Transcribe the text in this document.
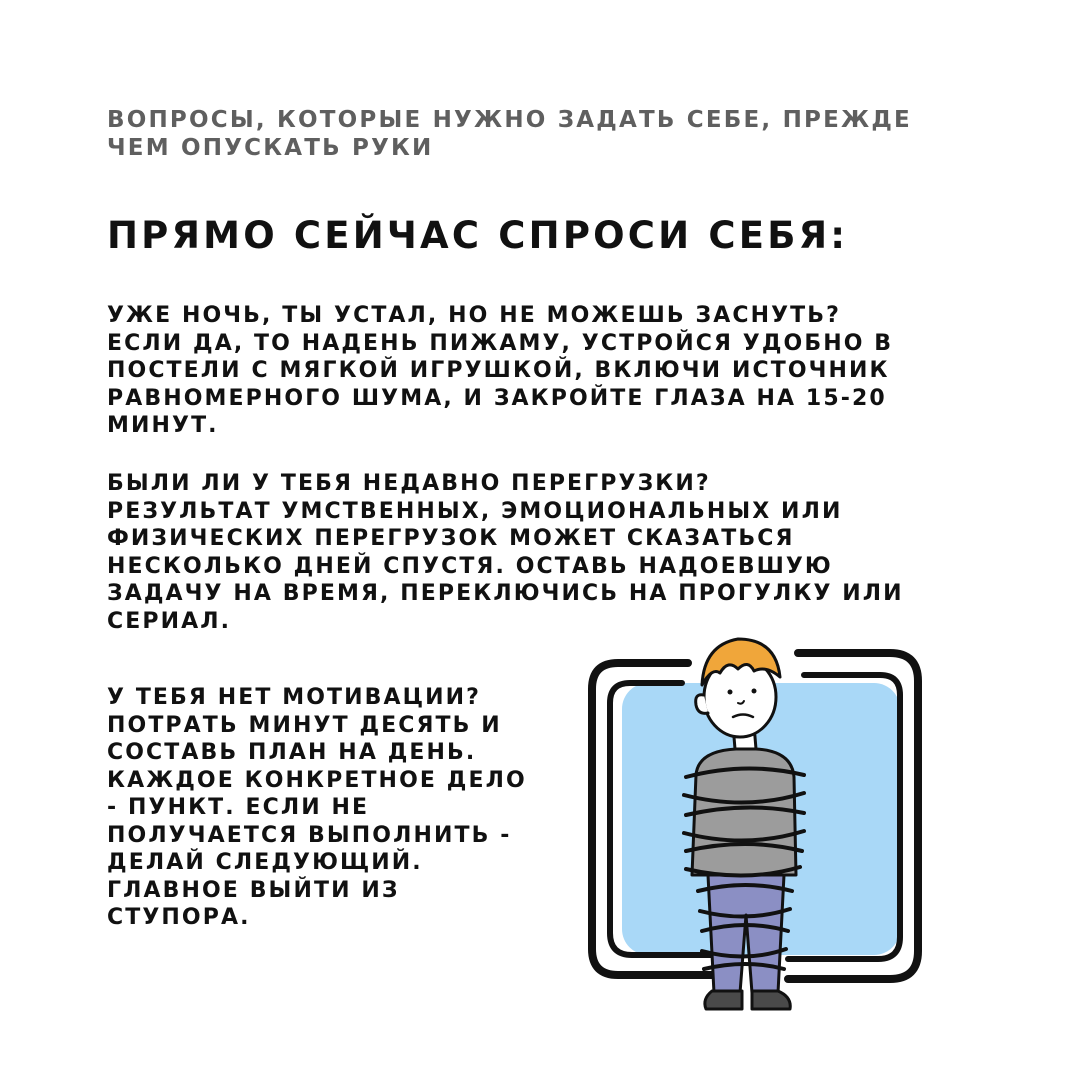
ВОПРОСЫ, КОТОРЫЕ НУЖНО ЗАДАТЬ СЕБЕ, ПРЕЖДЕ ЧЕМ ОПУСКАТЬ РУКИ
ПРЯМО СЕЙЧАС СПРОСИ СЕБЯ:

УЖЕ НОЧЬ, ТЫ УСТАЛ, НО НЕ МОЖЕШЬ ЗАСНУТЬ?

ЕСЛИ ДА, ТО НАДЕНЬ ПИЖАМУ, УСТРОЙСЯ УДОБНО В ПОСТЕЛИ С МЯГКОЙ ИГРУШКОЙ, ВКЛЮЧИ ИСТОЧНИК РАВНОМЕРНОГО ШУМА, И ЗАКРОЙТЕ ГЛАЗА НА 15-20 МИНУТ.

БЫЛИ ЛИ У ТЕБЯ НЕДАВНО ПЕРЕГРУЗКИ?

РЕЗУЛЬТАТ УМСТВЕННЫХ, ЭМОЦИОНАЛЬНЫХ ИЛИ ФИЗИЧЕСКИХ ПЕРЕГРУЗОК МОЖЕТ СКАЗАТЬСЯ НЕСКОЛЬКО ДНЕЙ СПУСТЯ. ОСТАВЬ НАДОЕВШУЮ ЗАДАЧУ НА ВРЕМЯ, ПЕРЕКЛЮЧИСЬ НА ПРОГУЛКУ ИЛИ СЕРИАЛ.

У ТЕБЯ НЕТ МОТИВАЦИИ?

ПОТРАТЬ МИНУТ ДЕСЯТЬ И СОСТАВЬ ПЛАН НА ДЕНЬ. КАЖДОЕ КОНКРЕТНОЕ ДЕЛО - ПУНКТ. ЕСЛИ НЕ ПОЛУЧАЕТСЯ ВЫПОЛНИТЬ - ДЕЛАЙ СЛЕДУЮЩИЙ. ГЛАВНОЕ ВЫЙТИ ИЗ СТУПОРА.
